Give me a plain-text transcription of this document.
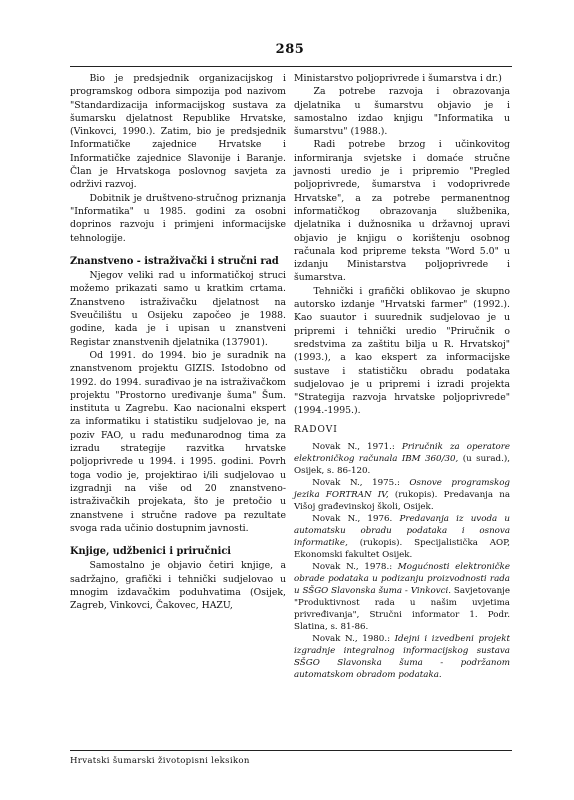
285

Bio je predsjednik organizacijskog i programskog odbora simpozija pod nazivom "Standardizacija informacijskog sustava za šumarsku djelatnost Republike Hrvatske, (Vinkovci, 1990.). Zatim, bio je predsjednik Informatičke zajednice Hrvatske i Informatičke zajednice Slavonije i Baranje. Član je Hrvatskoga poslovnog savjeta za održivi razvoj.

Dobitnik je društveno-stručnog priznanja "Informatika" u 1985. godini za osobni doprinos razvoju i primjeni informacijske tehnologije.

Znanstveno - istraživački i stručni rad

Njegov veliki rad u informatičkoj struci možemo prikazati samo u kratkim crtama. Znanstveno istraživačku djelatnost na Sveučilištu u Osijeku započeo je 1988. godine, kada je i upisan u znanstveni Registar znanstvenih djelatnika (137901).

Od 1991. do 1994. bio je suradnik na znanstvenom projektu GIZIS. Istodobno od 1992. do 1994. surađivao je na istraživačkom projektu "Prostorno uređivanje šuma" Šum. instituta u Zagrebu. Kao nacionalni ekspert za informatiku i statistiku sudjelovao je, na poziv FAO, u radu međunarodnog tima za izradu strategije razvitka hrvatske poljoprivrede u 1994. i 1995. godini. Povrh toga vodio je, projektirao i/ili sudjelovao u izgradnji na više od 20 znanstveno-istraživačkih projekata, što je pretočio u znanstvene i stručne radove pa rezultate svoga rada učinio dostupnim javnosti.

Knjige, udžbenici i priručnici

Samostalno je objavio četiri knjige, a sadržajno, grafički i tehnički sudjelovao u mnogim izdavačkim poduhvatima (Osijek, Zagreb, Vinkovci, Čakovec, HAZU,

Ministarstvo poljoprivrede i šumarstva i dr.)

Za potrebe razvoja i obrazovanja djelatnika u šumarstvu objavio je i samostalno izdao knjigu "Informatika u šumarstvu" (1988.).

Radi potrebe brzog i učinkovitog informiranja svjetske i domaće stručne javnosti uredio je i pripremio "Pregled poljoprivrede, šumarstva i vodoprivrede Hrvatske", a za potrebe permanentnog informatičkog obrazovanja službenika, djelatnika i dužnosnika u državnoj upravi objavio je knjigu o korištenju osobnog računala kod pripreme teksta "Word 5.0" u izdanju Ministarstva poljoprivrede i šumarstva.

Tehnički i grafički oblikovao je skupno autorsko izdanje "Hrvatski farmer" (1992.). Kao suautor i suurednik sudjelovao je u pripremi i tehnički uredio "Priručnik o sredstvima za zaštitu bilja u R. Hrvatskoj" (1993.), a kao ekspert za informacijske sustave i statističku obradu podataka sudjelovao je u pripremi i izradi projekta "Strategija razvoja hrvatske poljoprivrede" (1994.-1995.).

RADOVI

Novak N., 1971.: Priručnik za operatore elektroničkog računala IBM 360/30, (u surad.), Osijek, s. 86-120.

Novak N., 1975.: Osnove programskog jezika FORTRAN IV, (rukopis). Predavanja na Višoj građevinskoj školi, Osijek.

Novak N., 1976. Predavanja iz uvoda u automatsku obradu podataka i osnova informatike, (rukopis). Specijalistička AOP, Ekonomski fakultet Osijek.

Novak N., 1978.: Mogućnosti elektroničke obrade podataka u podizanju proizvodnosti rada u SŠGO Slavonska šuma - Vinkovci. Savjetovanje "Produktivnost rada u našim uvjetima privređivanja", Stručni informator 1. Podr. Slatina, s. 81-86.

Novak N., 1980.: Idejni i izvedbeni projekt izgradnje integralnog informacijskog sustava SŠGO Slavonska šuma - podržanom automatskom obradom podataka.

Hrvatski šumarski životopisni leksikon
